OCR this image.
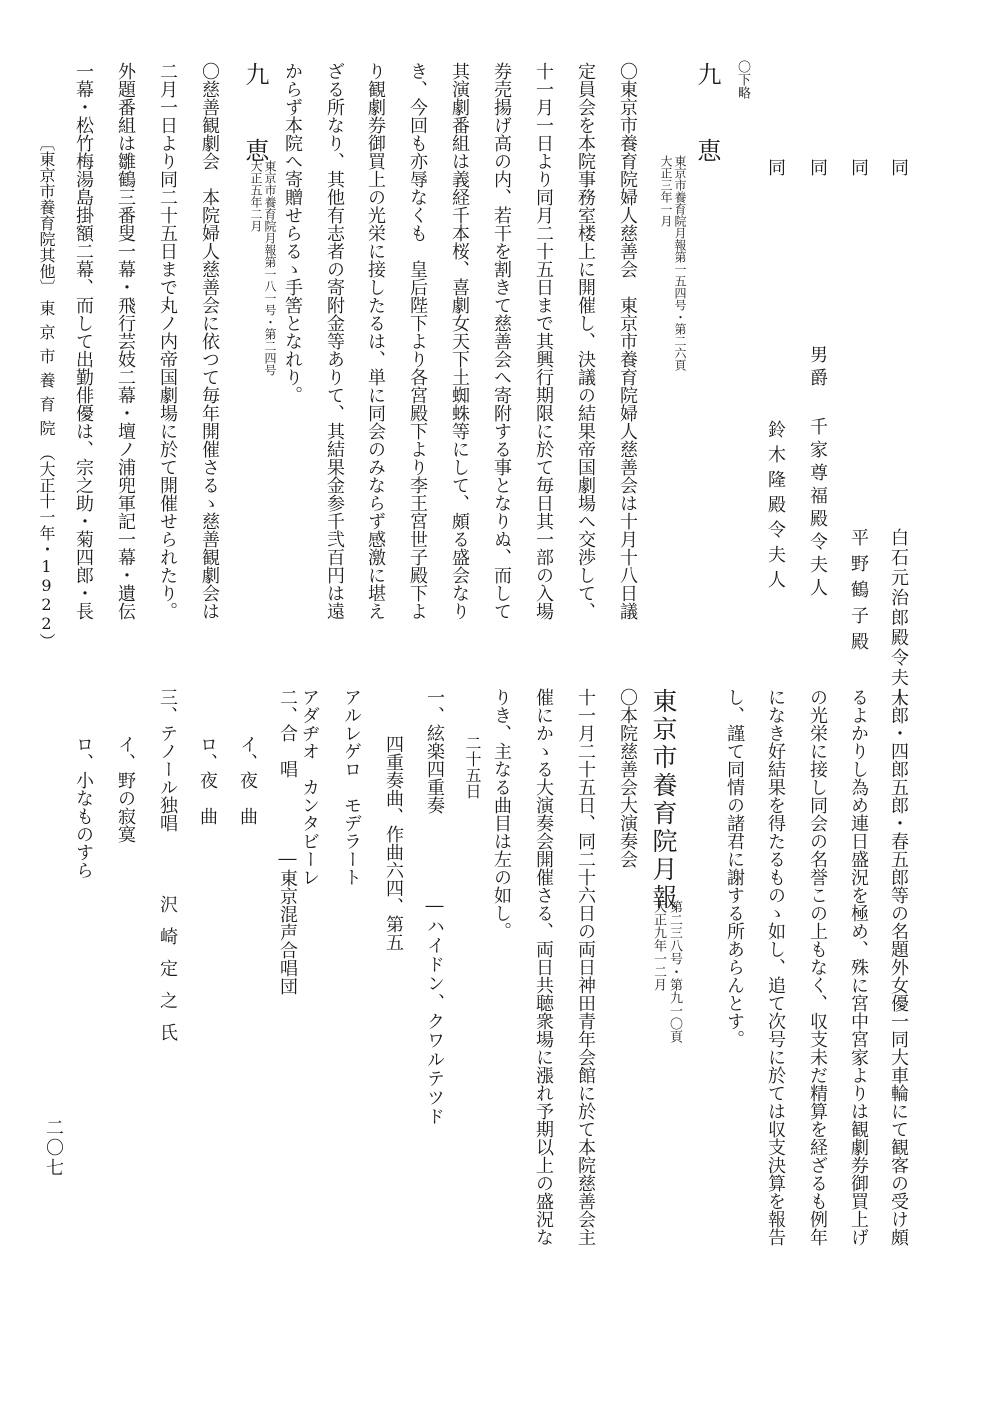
同
白石元治郎殿令夫人
同
平野鶴子殿
同
男爵 千家尊福殿令夫人
同
鈴木隆殿令夫人
〇下略
九　恵
東京市養育院月報第一五四号・第二六頁
大正三年一月
〇東京市養育院婦人慈善会　東京市養育院婦人慈善会は十月十八日議
定員会を本院事務室楼上に開催し、決議の結果帝国劇場へ交渉して、
十一月一日より同月二十五日まで其興行期限に於て毎日其一部の入場
券売揚げ高の内、若干を割きて慈善会へ寄附する事となりぬ、而して
其演劇番組は義経千本桜、喜劇女天下土蜘蛛等にして、頗る盛会なり
き、今回も亦辱なくも　皇后陛下より各宮殿下より李王宮世子殿下よ
り観劇券御買上の光栄に接したるは、単に同会のみならず感激に堪え
ざる所なり、其他有志者の寄附金等ありて、其結果金参千弐百円は遠
からず本院へ寄贈せらるゝ手筈となれり。
九　恵
東京市養育院月報第一八一号・第二四号
大正五年二月
〇慈善観劇会　本院婦人慈善会に依つて毎年開催さるゝ慈善観劇会は
二月一日より同二十五日まで丸ノ内帝国劇場に於て開催せられたり。
外題番組は雛鶴三番叟一幕・飛行芸妓二幕・壇ノ浦兜軍記一幕・遺伝
一幕・松竹梅湯島掛額二幕、而して出勤俳優は、宗之助・菊四郎・長
十郎・四郎五郎・春五郎等の名題外女優一同大車輪にて観客の受け頗
るよかりし為め連日盛況を極め、殊に宮中宮家よりは観劇券御買上げ
の光栄に接し同会の名誉この上もなく、収支未だ精算を経ざるも例年
になき好結果を得たるものゝ如し、追て次号に於ては収支決算を報告
し、謹て同情の諸君に謝する所あらんとす。
東京市養育院月報
第二三八号・第九一〇頁
大正九年一二月
〇本院慈善会大演奏会
十一月二十五日、同二十六日の両日神田青年会館に於て本院慈善会主
催にかゝる大演奏会開催さる、両日共聴衆場に漲れ予期以上の盛況な
りき、主なる曲目は左の如し。
二十五日
一、絃楽四重奏
―ハイドン、クワルテツド
四重奏曲、作曲六四、第五
アルレゲロ　モデラート
アダヂオ　カンタビーレ
二、合　唱
―東京混声合唱団
イ、夜　曲
ロ、夜　曲
三、テノール独唱
沢崎定之氏
イ、野の寂寞
ロ、小なものすら
〔東京市養育院其他〕
東京市養育院
（大正十一年・1922）
二〇七
